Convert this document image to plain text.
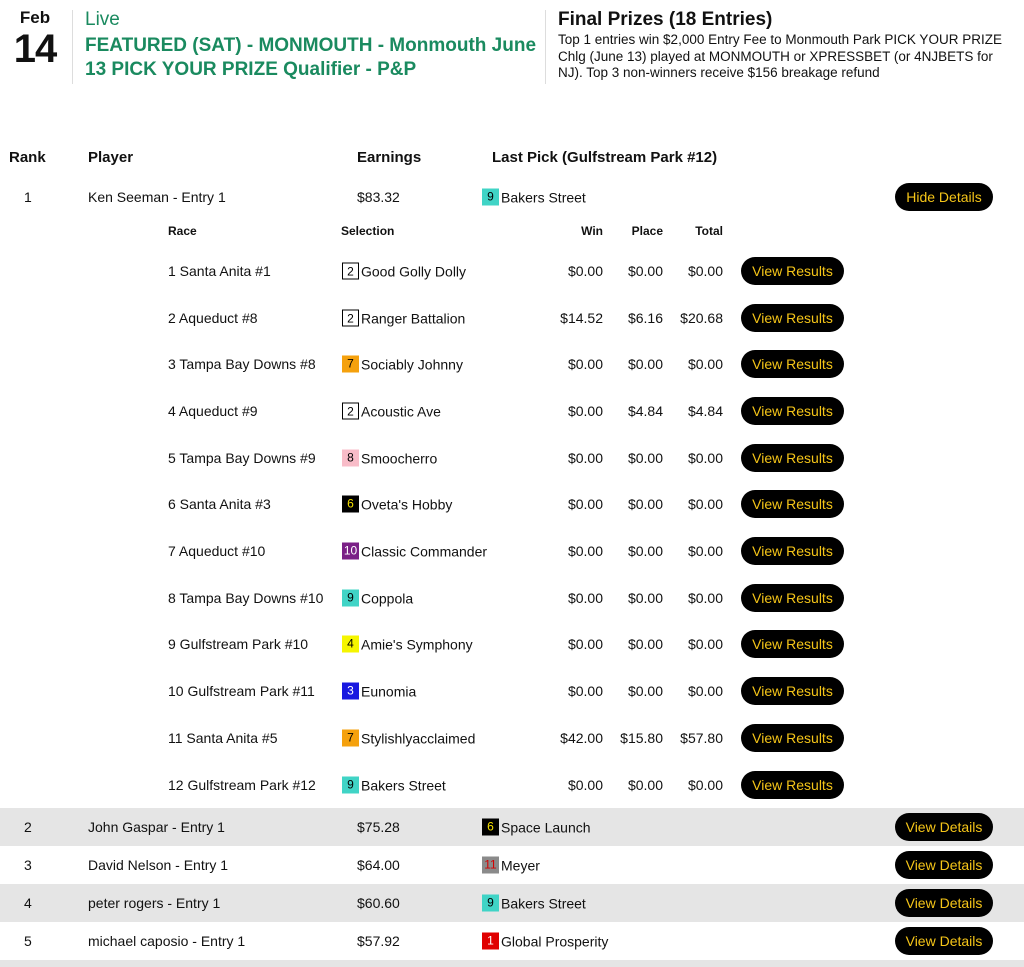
Feb
14
Live
FEATURED (SAT) - MONMOUTH - Monmouth June 13 PICK YOUR PRIZE Qualifier - P&P
Final Prizes (18 Entries)
Top 1 entries win $2,000 Entry Fee to Monmouth Park PICK YOUR PRIZE Chlg (June 13) played at MONMOUTH or XPRESSBET (or 4NJBETS for NJ). Top 3 non-winners receive $156 breakage refund
Rank	Player	Earnings	Last Pick (Gulfstream Park #12)
1	Ken Seeman - Entry 1	$83.32	9 Bakers Street	Hide Details
Race	Selection	Win	Place	Total
1 Santa Anita #1	2 Good Golly Dolly	$0.00	$0.00	$0.00	View Results
2 Aqueduct #8	2 Ranger Battalion	$14.52	$6.16	$20.68	View Results
3 Tampa Bay Downs #8	7 Sociably Johnny	$0.00	$0.00	$0.00	View Results
4 Aqueduct #9	2 Acoustic Ave	$0.00	$4.84	$4.84	View Results
5 Tampa Bay Downs #9	8 Smoocherro	$0.00	$0.00	$0.00	View Results
6 Santa Anita #3	6 Oveta's Hobby	$0.00	$0.00	$0.00	View Results
7 Aqueduct #10	10 Classic Commander	$0.00	$0.00	$0.00	View Results
8 Tampa Bay Downs #10	9 Coppola	$0.00	$0.00	$0.00	View Results
9 Gulfstream Park #10	4 Amie's Symphony	$0.00	$0.00	$0.00	View Results
10 Gulfstream Park #11	3 Eunomia	$0.00	$0.00	$0.00	View Results
11 Santa Anita #5	7 Stylishlyacclaimed	$42.00	$15.80	$57.80	View Results
12 Gulfstream Park #12	9 Bakers Street	$0.00	$0.00	$0.00	View Results
2	John Gaspar - Entry 1	$75.28	6 Space Launch	View Details
3	David Nelson - Entry 1	$64.00	11 Meyer	View Details
4	peter rogers - Entry 1	$60.60	9 Bakers Street	View Details
5	michael caposio - Entry 1	$57.92	1 Global Prosperity	View Details
